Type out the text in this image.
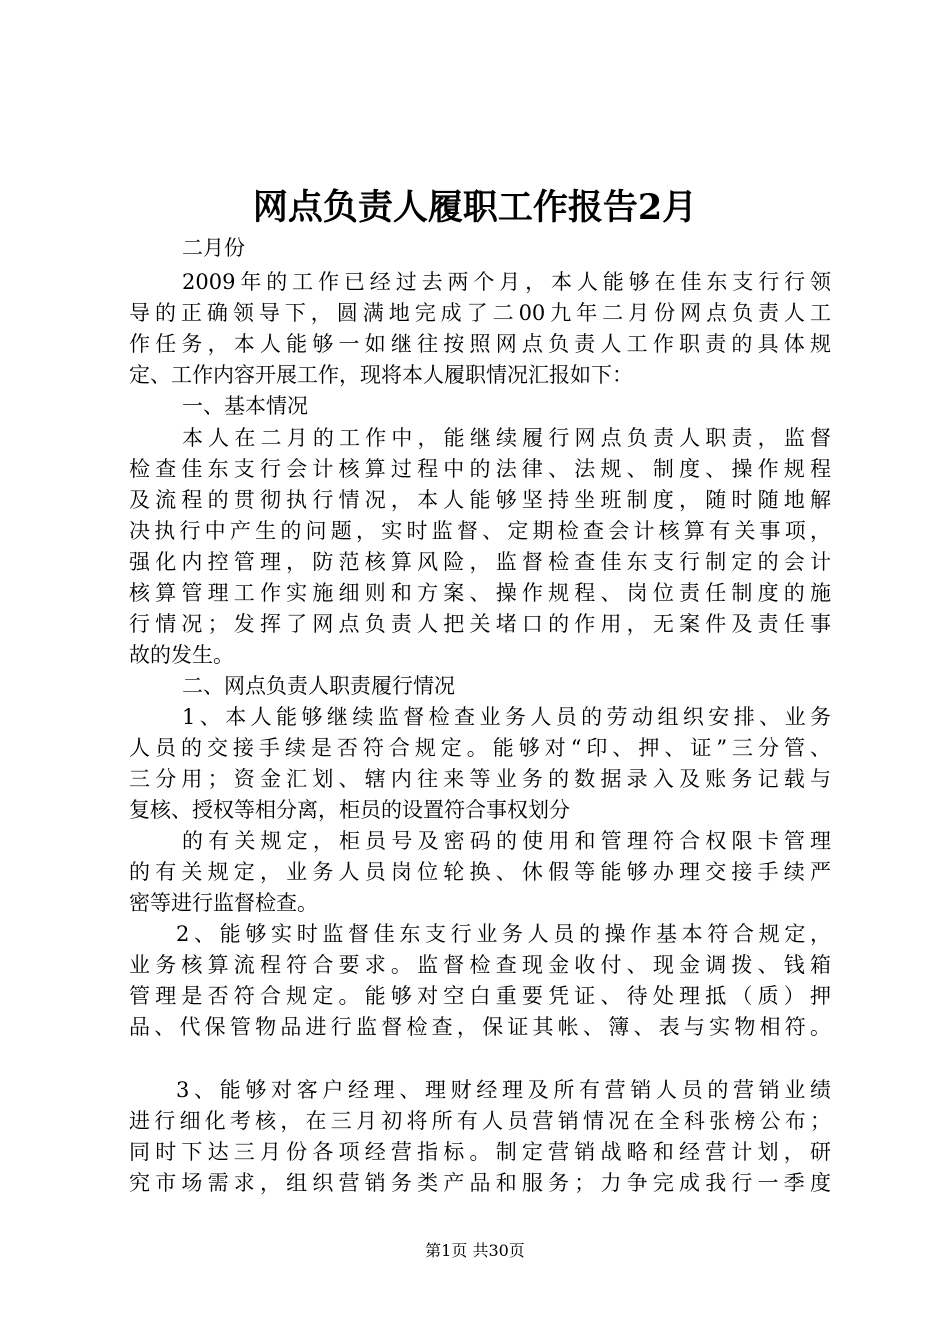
网点负责人履职工作报告2月
二月份
2009年的工作已经过去两个月，本人能够在佳东支行行领
导的正确领导下，圆满地完成了二00九年二月份网点负责人工
作任务，本人能够一如继往按照网点负责人工作职责的具体规
定、工作内容开展工作，现将本人履职情况汇报如下：
一、基本情况
本人在二月的工作中，能继续履行网点负责人职责，监督
检查佳东支行会计核算过程中的法律、法规、制度、操作规程
及流程的贯彻执行情况，本人能够坚持坐班制度，随时随地解
决执行中产生的问题，实时监督、定期检查会计核算有关事项，
强化内控管理，防范核算风险，监督检查佳东支行制定的会计
核算管理工作实施细则和方案、操作规程、岗位责任制度的施
行情况；发挥了网点负责人把关堵口的作用，无案件及责任事
故的发生。
二、网点负责人职责履行情况
1、本人能够继续监督检查业务人员的劳动组织安排、业务
人员的交接手续是否符合规定。能够对“印、押、证”三分管、
三分用；资金汇划、辖内往来等业务的数据录入及账务记载与
复核、授权等相分离，柜员的设置符合事权划分
的有关规定，柜员号及密码的使用和管理符合权限卡管理
的有关规定，业务人员岗位轮换、休假等能够办理交接手续严
密等进行监督检查。
2、能够实时监督佳东支行业务人员的操作基本符合规定，
业务核算流程符合要求。监督检查现金收付、现金调拨、钱箱
管理是否符合规定。能够对空白重要凭证、待处理抵（质）押
品、代保管物品进行监督检查，保证其帐、簿、表与实物相符。
3、能够对客户经理、理财经理及所有营销人员的营销业绩
进行细化考核，在三月初将所有人员营销情况在全科张榜公布；
同时下达三月份各项经营指标。制定营销战略和经营计划，研
究市场需求，组织营销务类产品和服务；力争完成我行一季度
第1页 共30页
